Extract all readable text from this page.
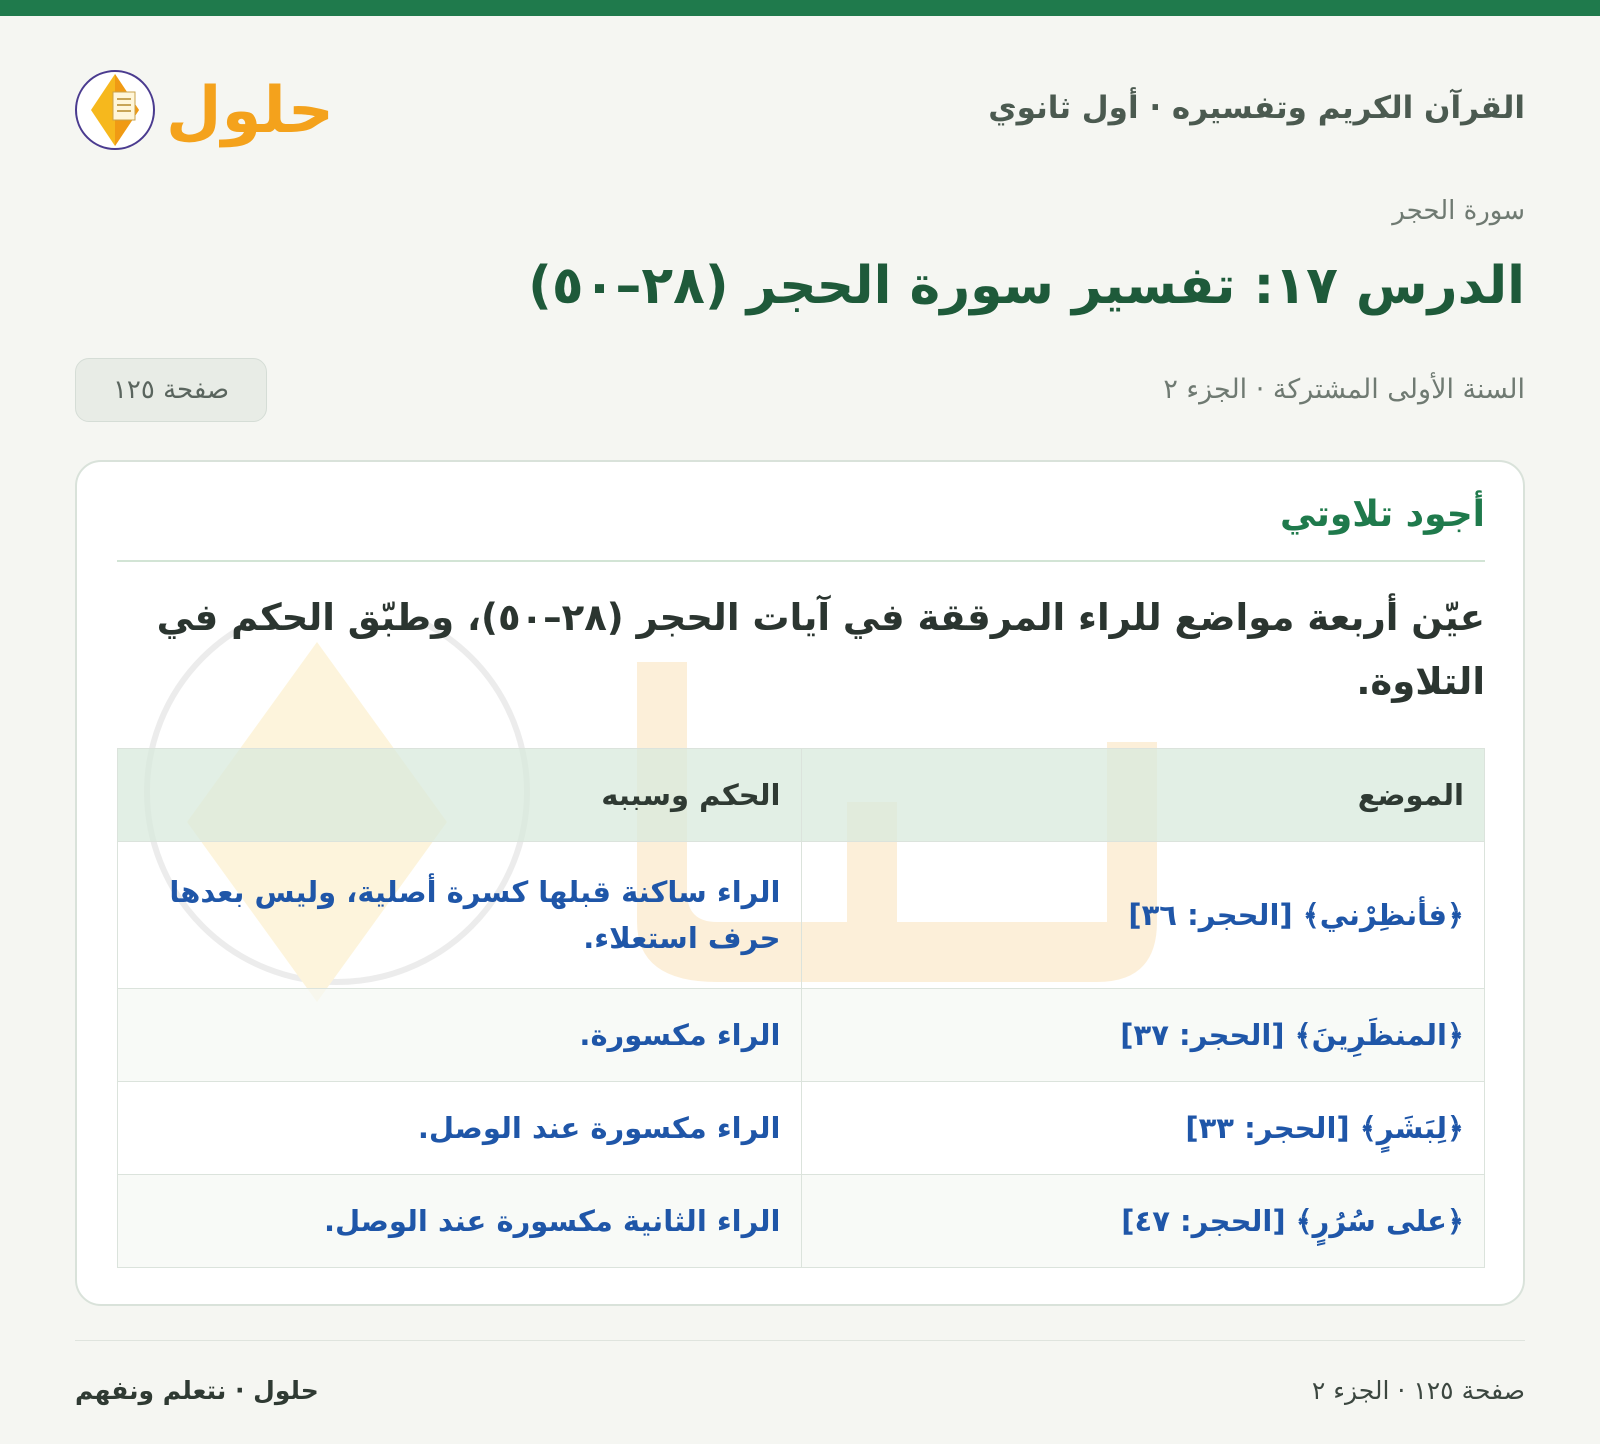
القرآن الكريم وتفسيره · أول ثانوي
حلول
سورة الحجر
الدرس ١٧: تفسير سورة الحجر (٢٨–٥٠)
السنة الأولى المشتركة · الجزء ٢
صفحة ١٢٥
أجود تلاوتي
عيّن أربعة مواضع للراء المرققة في آيات الحجر (٢٨–٥٠)، وطبّق الحكم في التلاوة.
الموضع	الحكم وسببه
﴿فأنظِرْني﴾ [الحجر: ٣٦]	الراء ساكنة قبلها كسرة أصلية، وليس بعدها حرف استعلاء.
﴿المنظَرِينَ﴾ [الحجر: ٣٧]	الراء مكسورة.
﴿لِبَشَرٍ﴾ [الحجر: ٣٣]	الراء مكسورة عند الوصل.
﴿على سُرُرٍ﴾ [الحجر: ٤٧]	الراء الثانية مكسورة عند الوصل.
صفحة ١٢٥ · الجزء ٢
حلول · نتعلم ونفهم
